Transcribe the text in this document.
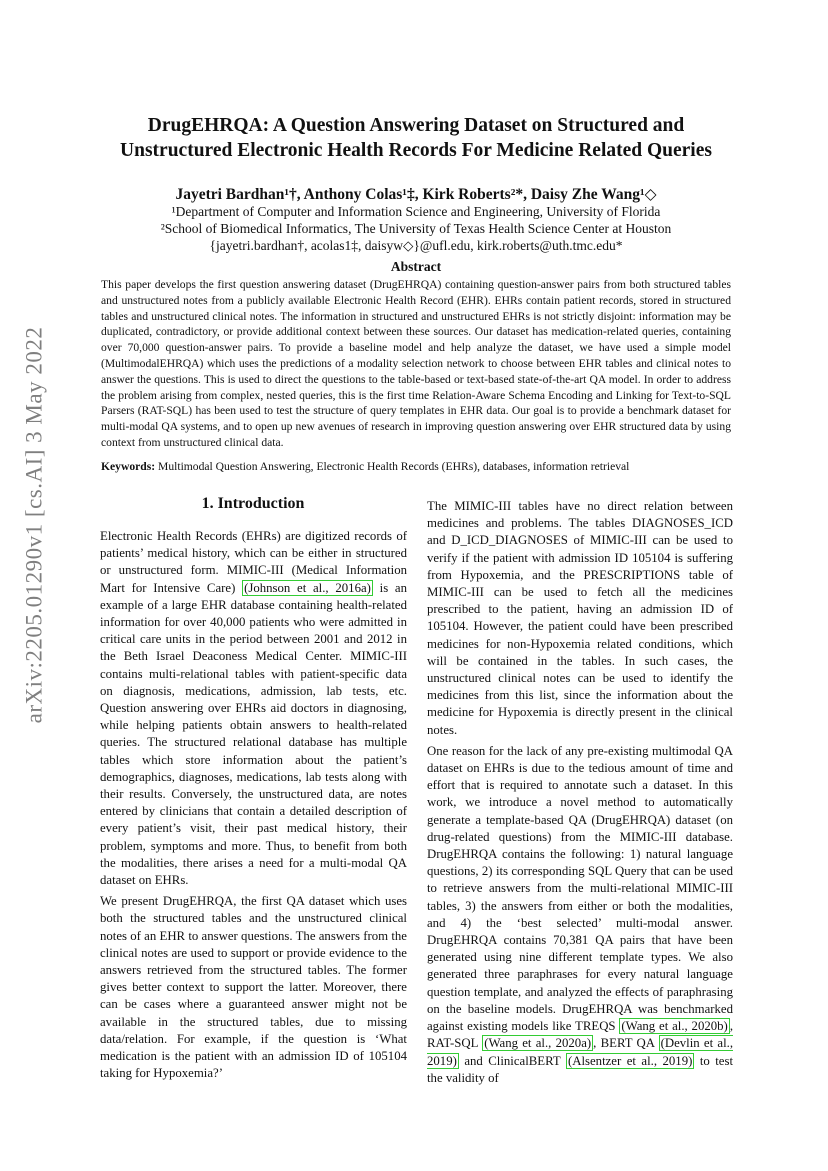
arXiv:2205.01290v1 [cs.AI] 3 May 2022
DrugEHRQA: A Question Answering Dataset on Structured and
Unstructured Electronic Health Records For Medicine Related Queries
Jayetri Bardhan¹†, Anthony Colas¹‡, Kirk Roberts²*, Daisy Zhe Wang¹◇
¹Department of Computer and Information Science and Engineering, University of Florida
²School of Biomedical Informatics, The University of Texas Health Science Center at Houston
{jayetri.bardhan†, acolas1‡, daisyw◇}@ufl.edu, kirk.roberts@uth.tmc.edu*
Abstract
This paper develops the first question answering dataset (DrugEHRQA) containing question-answer pairs from both structured tables and unstructured notes from a publicly available Electronic Health Record (EHR). EHRs contain patient records, stored in structured tables and unstructured clinical notes. The information in structured and unstructured EHRs is not strictly disjoint: information may be duplicated, contradictory, or provide additional context between these sources. Our dataset has medication-related queries, containing over 70,000 question-answer pairs. To provide a baseline model and help analyze the dataset, we have used a simple model (MultimodalEHRQA) which uses the predictions of a modality selection network to choose between EHR tables and clinical notes to answer the questions. This is used to direct the questions to the table-based or text-based state-of-the-art QA model. In order to address the problem arising from complex, nested queries, this is the first time Relation-Aware Schema Encoding and Linking for Text-to-SQL Parsers (RAT-SQL) has been used to test the structure of query templates in EHR data. Our goal is to provide a benchmark dataset for multi-modal QA systems, and to open up new avenues of research in improving question answering over EHR structured data by using context from unstructured clinical data.
Keywords: Multimodal Question Answering, Electronic Health Records (EHRs), databases, information retrieval
1. Introduction

Electronic Health Records (EHRs) are digitized records of patients’ medical history, which can be either in structured or unstructured form. MIMIC-III (Medical Information Mart for Intensive Care) (Johnson et al., 2016a) is an example of a large EHR database containing health-related information for over 40,000 patients who were admitted in critical care units in the period between 2001 and 2012 in the Beth Israel Deaconess Medical Center. MIMIC-III contains multi-relational tables with patient-specific data on diagnosis, medications, admission, lab tests, etc. Question answering over EHRs aid doctors in diagnosing, while helping patients obtain answers to health-related queries. The structured relational database has multiple tables which store information about the patient’s demographics, diagnoses, medications, lab tests along with their results. Conversely, the unstructured data, are notes entered by clinicians that contain a detailed description of every patient’s visit, their past medical history, their problem, symptoms and more. Thus, to benefit from both the modalities, there arises a need for a multi-modal QA dataset on EHRs.

We present DrugEHRQA, the first QA dataset which uses both the structured tables and the unstructured clinical notes of an EHR to answer questions. The answers from the clinical notes are used to support or provide evidence to the answers retrieved from the structured tables. The former gives better context to support the latter. Moreover, there can be cases where a guaranteed answer might not be available in the structured tables, due to missing data/relation. For example, if the question is ‘What medication is the patient with an admission ID of 105104 taking for Hypoxemia?’

The MIMIC-III tables have no direct relation between medicines and problems. The tables DIAGNOSES_ICD and D_ICD_DIAGNOSES of MIMIC-III can be used to verify if the patient with admission ID 105104 is suffering from Hypoxemia, and the PRESCRIPTIONS table of MIMIC-III can be used to fetch all the medicines prescribed to the patient, having an admission ID of 105104. However, the patient could have been prescribed medicines for non-Hypoxemia related conditions, which will be contained in the tables. In such cases, the unstructured clinical notes can be used to identify the medicines from this list, since the information about the medicine for Hypoxemia is directly present in the clinical notes.

One reason for the lack of any pre-existing multimodal QA dataset on EHRs is due to the tedious amount of time and effort that is required to annotate such a dataset. In this work, we introduce a novel method to automatically generate a template-based QA (DrugEHRQA) dataset (on drug-related questions) from the MIMIC-III database. DrugEHRQA contains the following: 1) natural language questions, 2) its corresponding SQL Query that can be used to retrieve answers from the multi-relational MIMIC-III tables, 3) the answers from either or both the modalities, and 4) the ‘best selected’ multi-modal answer. DrugEHRQA contains 70,381 QA pairs that have been generated using nine different template types. We also generated three paraphrases for every natural language question template, and analyzed the effects of paraphrasing on the baseline models. DrugEHRQA was benchmarked against existing models like TREQS (Wang et al., 2020b) , RAT-SQL (Wang et al., 2020a) , BERT QA (Devlin et al., 2019) and ClinicalBERT (Alsentzer et al., 2019) to test the validity of
